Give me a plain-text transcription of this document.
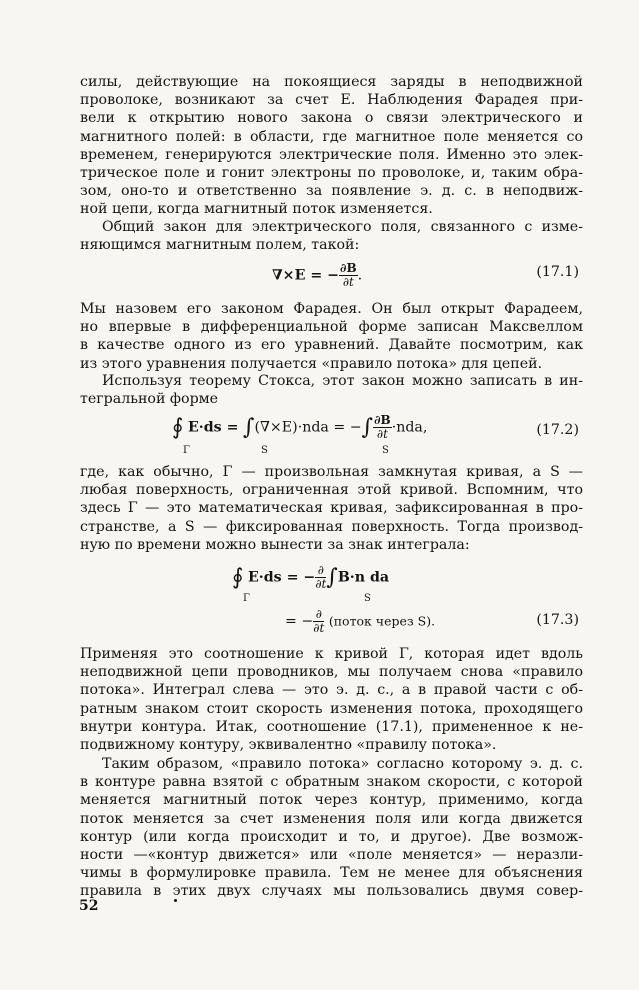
силы, действующие на покоящиеся заряды в неподвижной
проволоке, возникают за счет E. Наблюдения Фарадея при-
вели к открытию нового закона о связи электрического и
магнитного полей: в области, где магнитное поле меняется со
временем, генерируются электрические поля. Именно это элек-
трическое поле и гонит электроны по проволоке, и, таким обра-
зом, оно-то и ответственно за появление э. д. с. в неподвиж-
ной цепи, когда магнитный поток изменяется.
Общий закон для электрического поля, связанного с изме-
няющимся магнитным полем, такой:
∇×E = − $\frac{\partial B}{\partial t}$ .	(17.1)
Мы назовем его законом Фарадея. Он был открыт Фарадеем,
но впервые в дифференциальной форме записан Максвеллом
в качестве одного из его уравнений. Давайте посмотрим, как
из этого уравнения получается «правило потока» для цепей.
Используя теорему Стокса, этот закон можно записать в ин-
тегральной форме
∮ E·ds = ∫(∇×E)·nda = −∫ $\frac{\partial B}{\partial t} \cdot nda$,
Γ	S	S
(17.2)
где, как обычно, Γ — произвольная замкнутая кривая, а S —
любая поверхность, ограниченная этой кривой. Вспомним, что
здесь Γ — это математическая кривая, зафиксированная в про-
странстве, а S — фиксированная поверхность. Тогда производ-
ную по времени можно вынести за знак интеграла:
∮ E·ds = − $\frac{\partial}{\partial t} \int B\cdot n$ da
Γ	S
= − $\frac{\partial}{\partial t}$ (поток через S).	(17.3)
Применяя это соотношение к кривой Γ, которая идет вдоль
неподвижной цепи проводников, мы получаем снова «правило
потока». Интеграл слева — это э. д. с., а в правой части с об-
ратным знаком стоит скорость изменения потока, проходящего
внутри контура. Итак, соотношение (17.1), примененное к не-
подвижному контуру, эквивалентно «правилу потока».
Таким образом, «правило потока» согласно которому э. д. с.
в контуре равна взятой с обратным знаком скорости, с которой
меняется магнитный поток через контур, применимо, когда
поток меняется за счет изменения поля или когда движется
контур (или когда происходит и то, и другое). Две возмож-
ности —«контур движется» или «поле меняется» — неразли-
чимы в формулировке правила. Тем не менее для объяснения
правила в этих двух случаях мы пользовались двумя совер-
52
